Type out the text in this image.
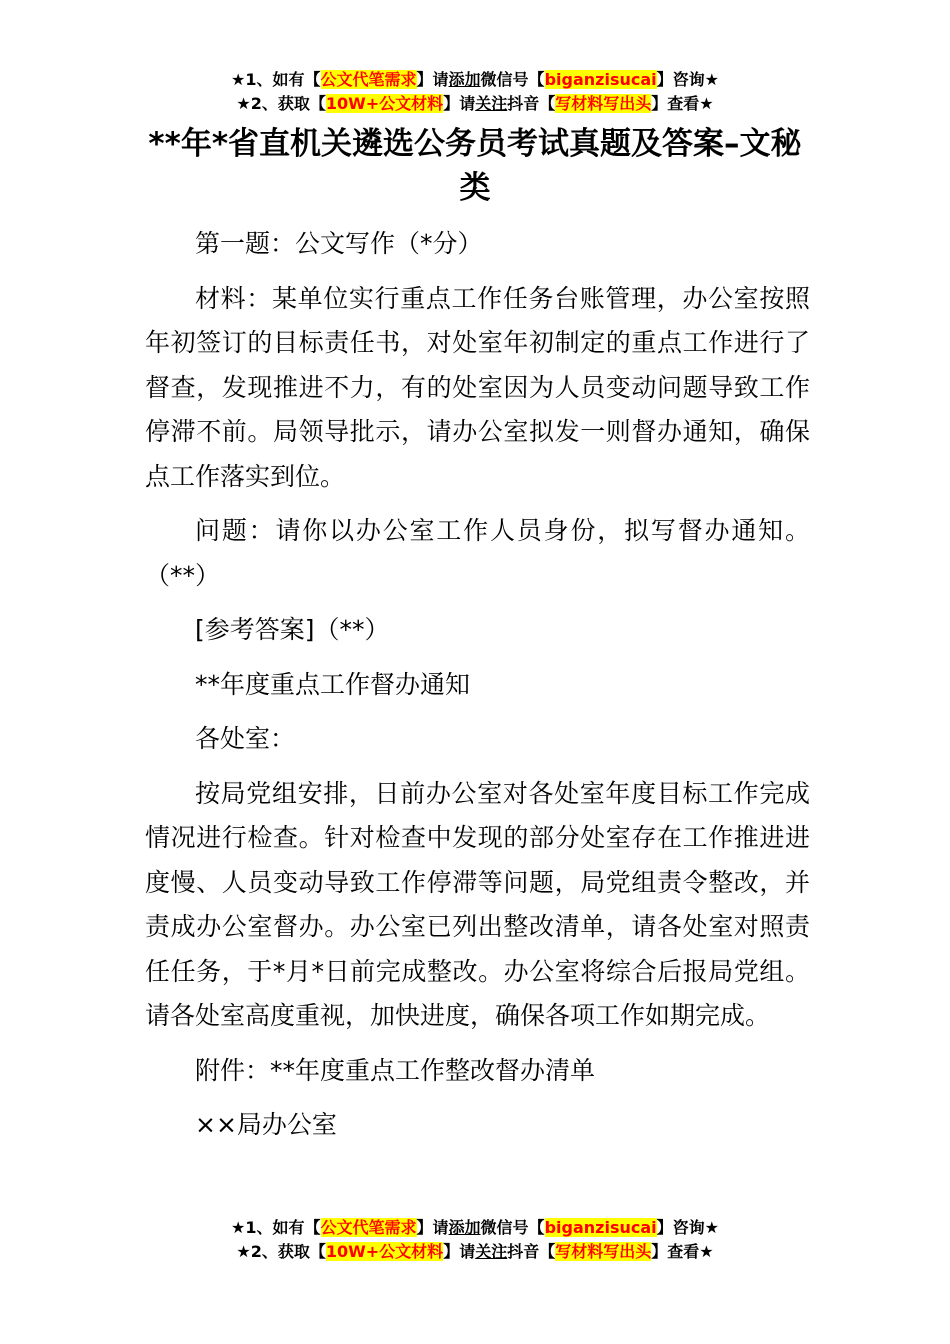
★1、如有【公文代笔需求】请添加微信号【biganzisucai】咨询★
★2、获取【10W+公文材料】请关注抖音【写材料写出头】查看★
**年*省直机关遴选公务员考试真题及答案–文秘类

第一题：公文写作（*分）

材料：某单位实行重点工作任务台账管理，办公室按照年初签订的目标责任书，对处室年初制定的重点工作进行了督查，发现推进不力，有的处室因为人员变动问题导致工作停滞不前。局领导批示，请办公室拟发一则督办通知，确保点工作落实到位。

问题：请你以办公室工作人员身份，拟写督办通知。（**）

[参考答案]（**）

**年度重点工作督办通知

各处室：

按局党组安排，日前办公室对各处室年度目标工作完成情况进行检查。针对检查中发现的部分处室存在工作推进进度慢、人员变动导致工作停滞等问题，局党组责令整改，并责成办公室督办。办公室已列出整改清单，请各处室对照责任任务，于*月*日前完成整改。办公室将综合后报局党组。请各处室高度重视，加快进度，确保各项工作如期完成。

附件：**年度重点工作整改督办清单

××局办公室

★1、如有【公文代笔需求】请添加微信号【biganzisucai】咨询★
★2、获取【10W+公文材料】请关注抖音【写材料写出头】查看★
